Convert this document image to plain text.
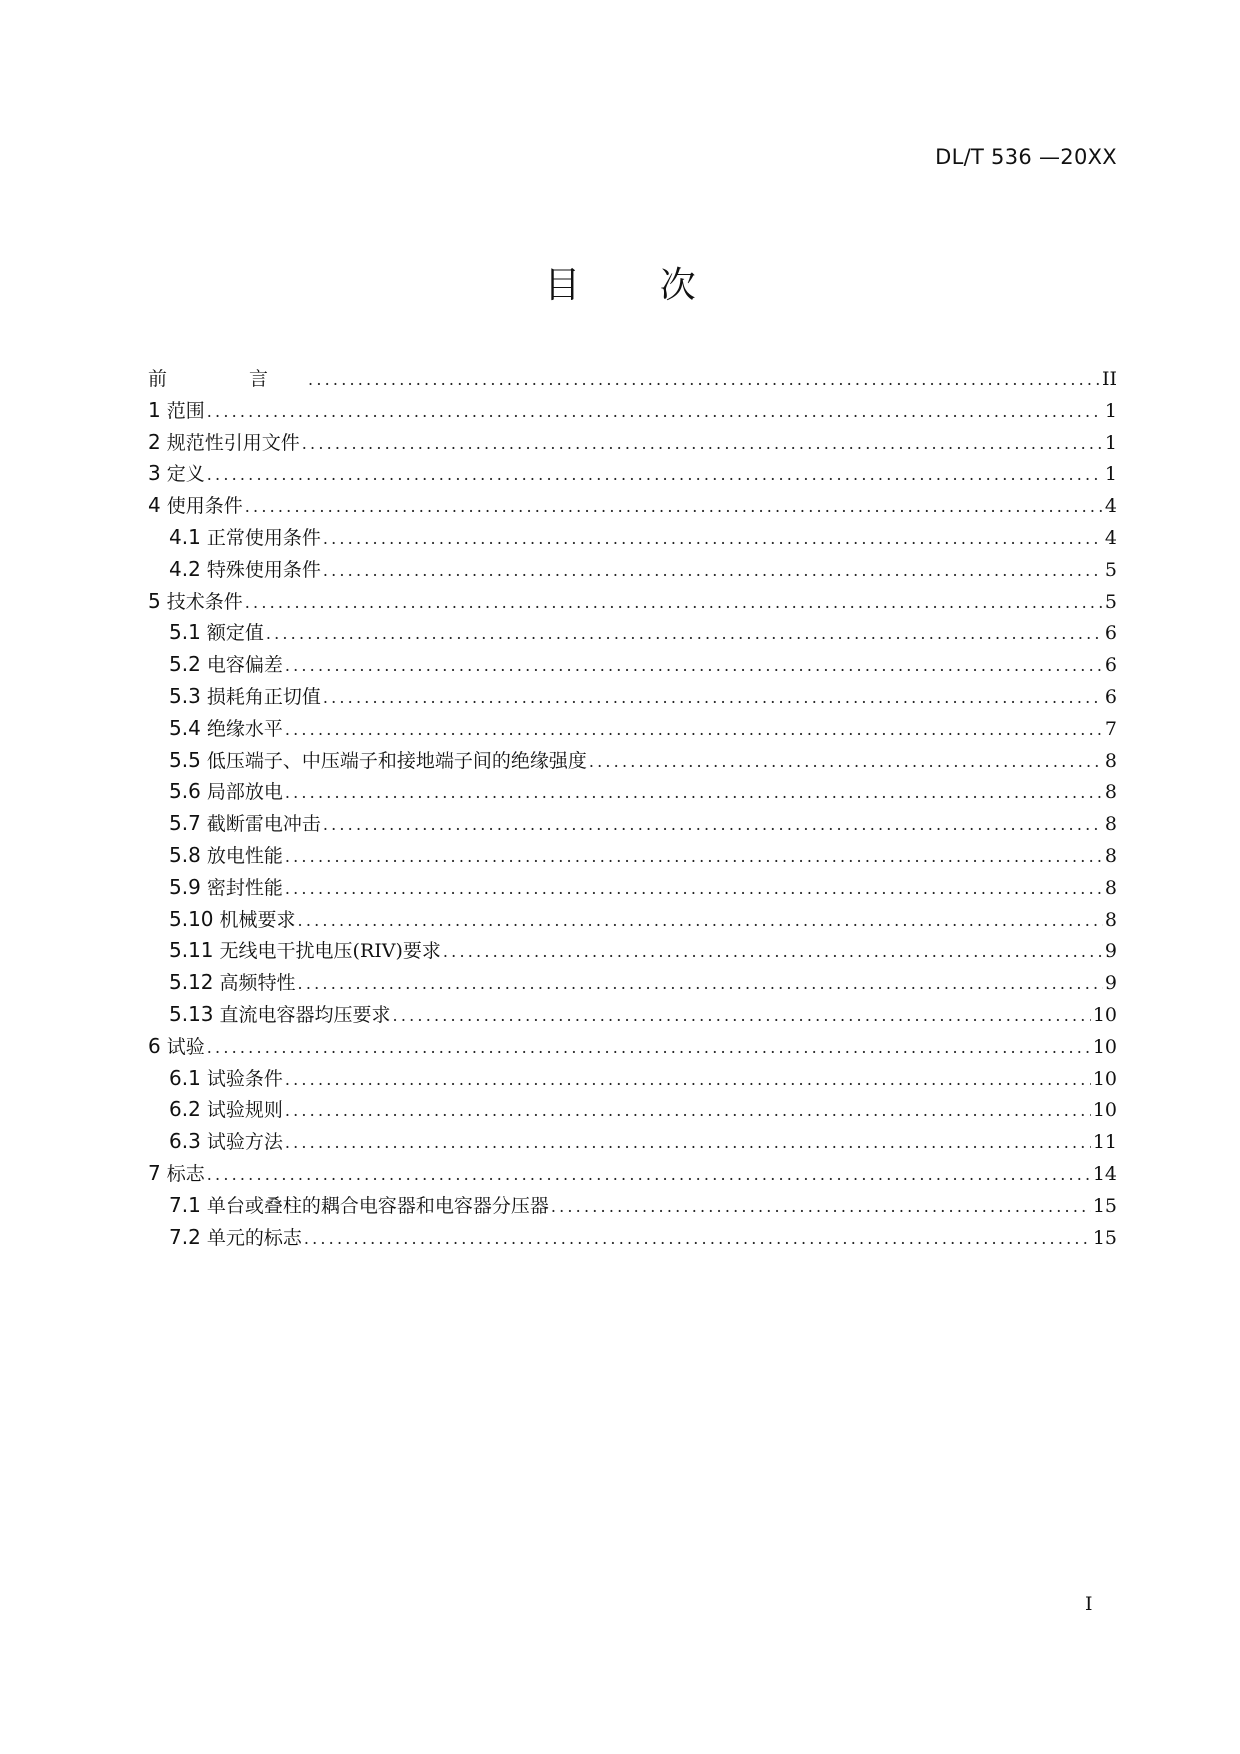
DL/T 536 —20XX
目 次
前 言 .....	II
1 范围 .....	1
2 规范性引用文件 .....	1
3 定义 .....	1
4 使用条件 .....	4
4.1 正常使用条件 .....	4
4.2 特殊使用条件 .....	5
5 技术条件 .....	5
5.1 额定值 .....	6
5.2 电容偏差 .....	6
5.3 损耗角正切值 .....	6
5.4 绝缘水平 .....	7
5.5 低压端子、中压端子和接地端子间的绝缘强度 .....	8
5.6 局部放电 .....	8
5.7 截断雷电冲击 .....	8
5.8 放电性能 .....	8
5.9 密封性能 .....	8
5.10 机械要求 .....	8
5.11 无线电干扰电压(RIV)要求 .....	9
5.12 高频特性 .....	9
5.13 直流电容器均压要求 .....	10
6 试验 .....	10
6.1 试验条件 .....	10
6.2 试验规则 .....	10
6.3 试验方法 .....	11
7 标志 .....	14
7.1 单台或叠柱的耦合电容器和电容器分压器 .....	15
7.2 单元的标志 .....	15
I
